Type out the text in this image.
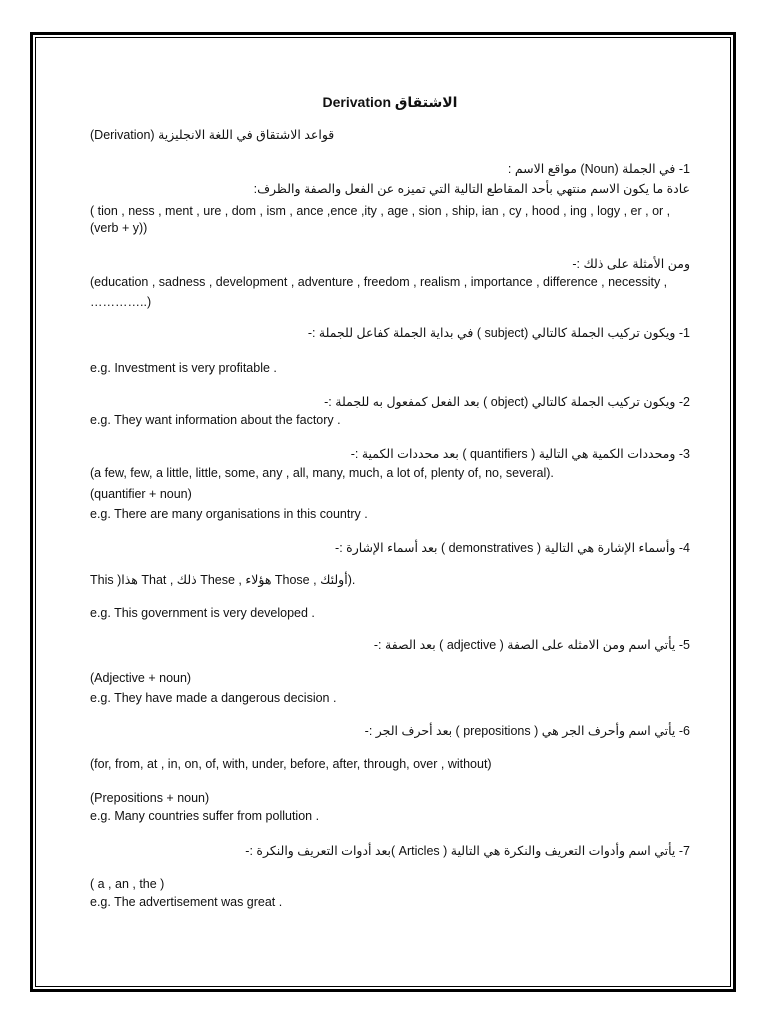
الاشتقاق Derivation

(Derivation) قواعد الاشتقاق في اللغة الانجليزية

1- في الجملة (Noun) مواقع الاسم :

عادة ما يكون الاسم منتهي بأحد المقاطع التالية التي تميزه عن الفعل والصفة والظرف:

( tion , ness , ment , ure , dom , ism , ance ,ence ,ity , age , sion , ship, ian , cy , hood , ing , logy , er , or ,

(verb + y))

ومن الأمثلة على ذلك :-

(education , sadness , development , adventure , freedom , realism , importance , difference , necessity ,

…………..)

1- ويكون تركيب الجملة كالتالي (subject ) في بداية الجملة كفاعل للجملة :-

e.g. Investment is very profitable .

2- ويكون تركيب الجملة كالتالي (object ) بعد الفعل كمفعول به للجملة :-

e.g. They want information about the factory .

3- ومحددات الكمية هي التالية ( quantifiers ) بعد محددات الكمية :-

(a few, few, a little, little, some, any , all, many, much, a lot of, plenty of, no, several).

(quantifier + noun)

e.g. There are many organisations in this country .

4- وأسماء الإشارة هي التالية ( demonstratives ) بعد أسماء الإشارة :-

This )هذا That , ذلك These , هؤلاء Those , أولئك).

e.g. This government is very developed .

5- يأتي اسم ومن الامثله على الصفة ( adjective ) بعد الصفة :-

(Adjective + noun)

e.g. They have made a dangerous decision .

6- يأتي اسم وأحرف الجر هي ( prepositions ) بعد أحرف الجر :-

(for, from, at , in, on, of, with, under, before, after, through, over , without)

(Prepositions + noun)

e.g. Many countries suffer from pollution .

7- يأتي اسم وأدوات التعريف والنكرة هي التالية ( Articles )بعد أدوات التعريف والنكرة :-

( a , an , the )

e.g. The advertisement was great .
